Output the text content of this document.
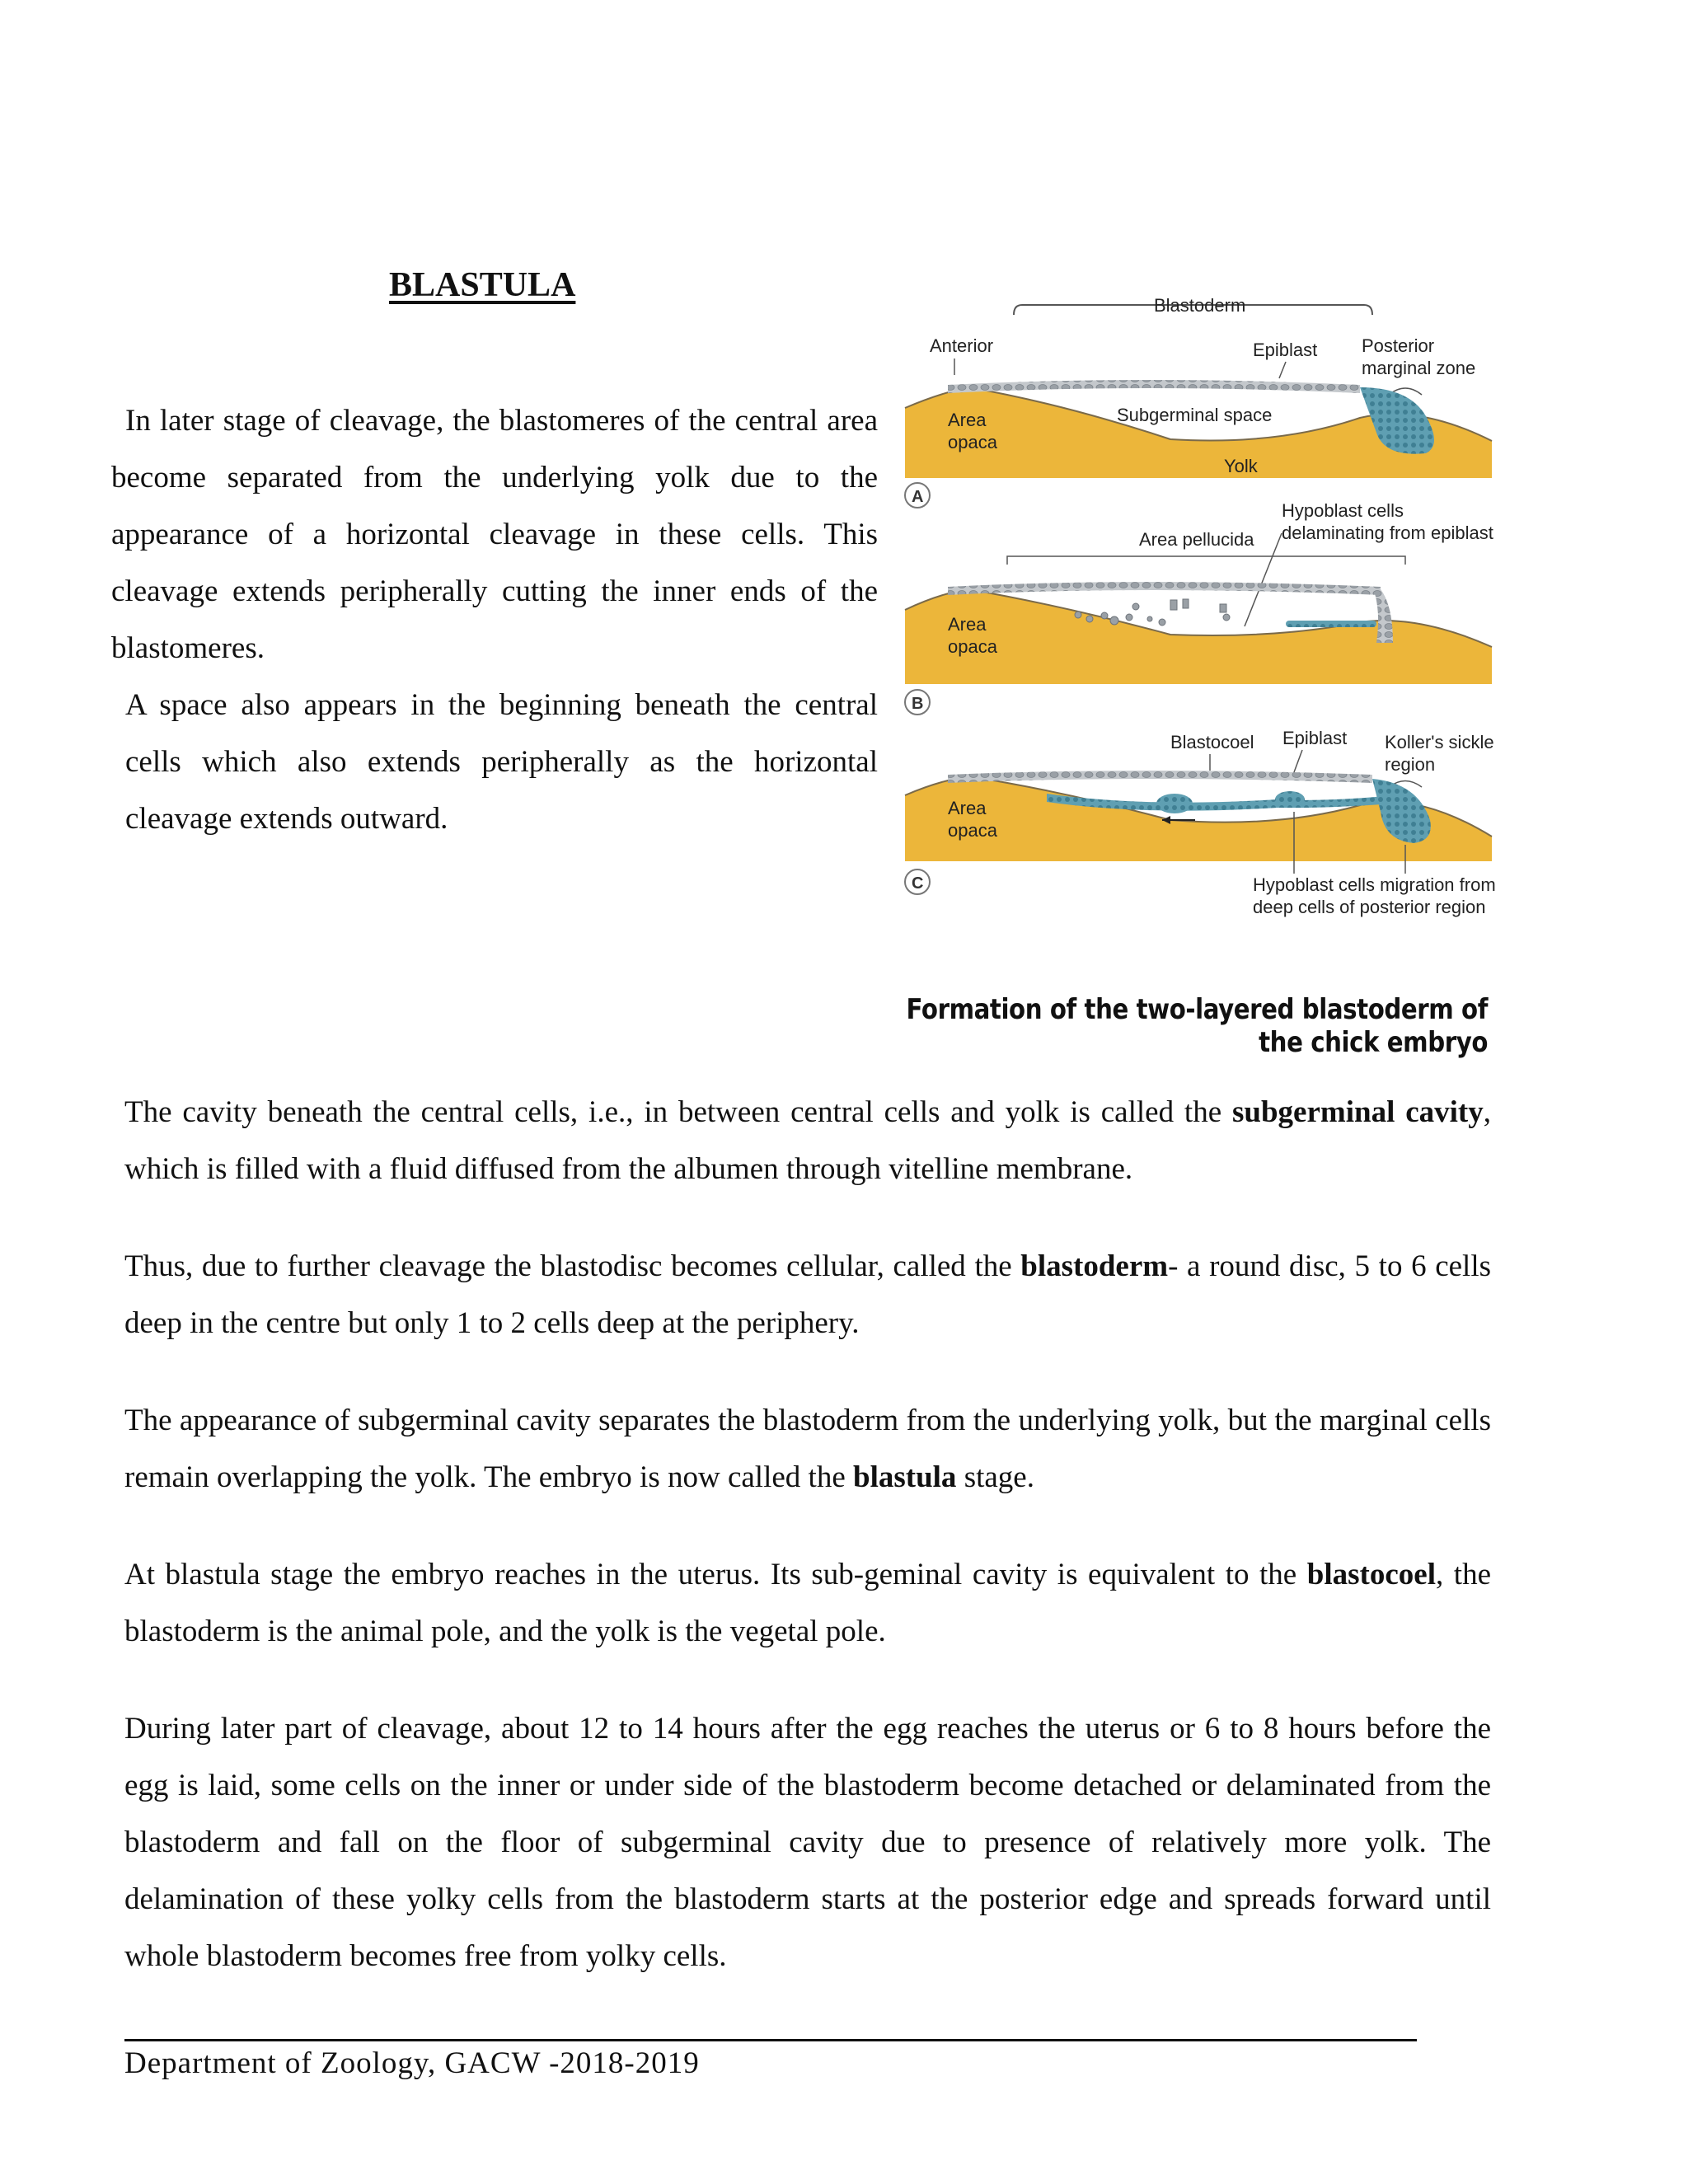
BLASTULA

In later stage of cleavage, the blastomeres of the central area become separated from the underlying yolk due to the appearance of a horizontal cleavage in these cells. This cleavage extends peripherally cutting the inner ends of the blastomeres.

A space also appears in the beginning beneath the central cells which also extends peripherally as the horizontal cleavage extends outward.

Blastoderm
Anterior	Epiblast Posterior
marginal zone
Area
opaca
Subgerminal space
Yolk
A
Hypoblast cells
delaminating from epiblast
Area pellucida
Area
opaca
B
Blastocoel Epiblast Koller's sickle
region
Area
opaca
Hypoblast cells migration from
deep cells of posterior region
C
Formation of the two-layered blastoderm of the chick embryo

The cavity beneath the central cells, i.e., in between central cells and yolk is called the subgerminal cavity, which is filled with a fluid diffused from the albumen through vitelline membrane.

Thus, due to further cleavage the blastodisc becomes cellular, called the blastoderm- a round disc, 5 to 6 cells deep in the centre but only 1 to 2 cells deep at the periphery.

The appearance of subgerminal cavity separates the blastoderm from the underlying yolk, but the marginal cells remain overlapping the yolk. The embryo is now called the blastula stage.

At blastula stage the embryo reaches in the uterus. Its sub-geminal cavity is equivalent to the blastocoel, the blastoderm is the animal pole, and the yolk is the vegetal pole.

During later part of cleavage, about 12 to 14 hours after the egg reaches the uterus or 6 to 8 hours before the egg is laid, some cells on the inner or under side of the blastoderm become detached or delaminated from the blastoderm and fall on the floor of subgerminal cavity due to presence of relatively more yolk. The delamination of these yolky cells from the blastoderm starts at the posterior edge and spreads forward until whole blastoderm becomes free from yolky cells.

Department of Zoology, GACW -2018-2019
